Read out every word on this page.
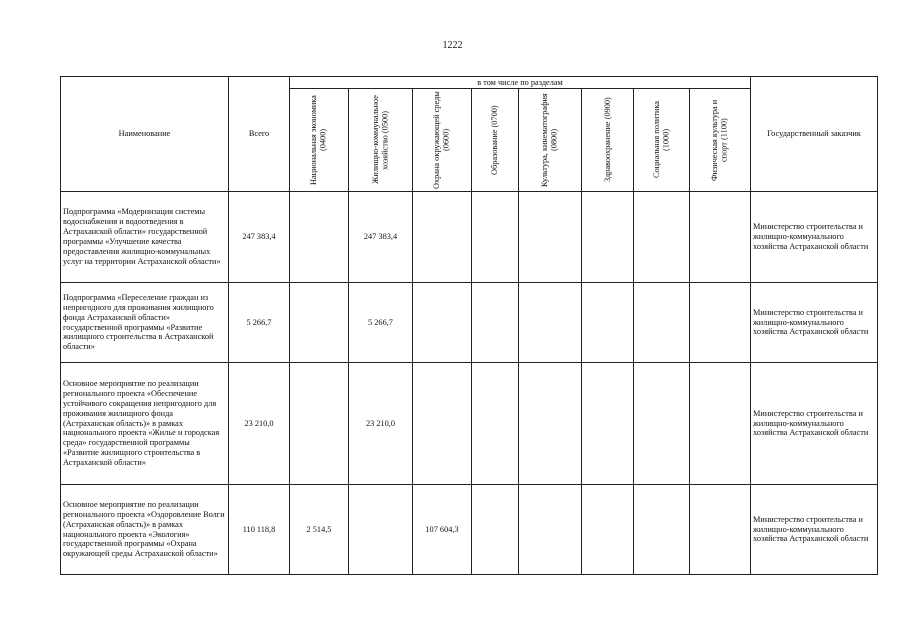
1222
Наименование	Всего	в том числе по разделам								Государственный заказчик

		Национальная экономика (0400)	Жилищно-коммунальное хозяйство (0500)	Охрана окружающей среды (0600)	Образование (0700)	Культура, кинематография (0800)	Здравоохранение (0900)	Социальная политика (1000)	Физическая культура и спорт (1100)	

Подпрограмма «Модернизация системы водоснабжения и водоотведения в Астраханской области» государственной программы «Улучшение качества предоставления жилищно-коммунальных услуг на территории Астраханской области»	247 383,4		247 383,4							Министерство строительства и жилищно-коммунального хозяйства Астраханской области
Подпрограмма «Переселение граждан из непригодного для проживания жилищного фонда Астраханской области» государственной программы «Развитие жилищного строительства в Астраханской области»	5 266,7		5 266,7							Министерство строительства и жилищно-коммунального хозяйства Астраханской области
Основное мероприятие по реализации регионального проекта «Обеспечение устойчивого сокращения непригодного для проживания жилищного фонда (Астраханская область)» в рамках национального проекта «Жилье и городская среда» государственной программы «Развитие жилищного строительства в Астраханской области»	23 210,0		23 210,0							Министерство строительства и жилищно-коммунального хозяйства Астраханской области
Основное мероприятие по реализации регионального проекта «Оздоровление Волги (Астраханская область)» в рамках национального проекта «Экология» государственной программы «Охрана окружающей среды Астраханской области»	110 118,8	2 514,5		107 604,3						Министерство строительства и жилищно-коммунального хозяйства Астраханской области
